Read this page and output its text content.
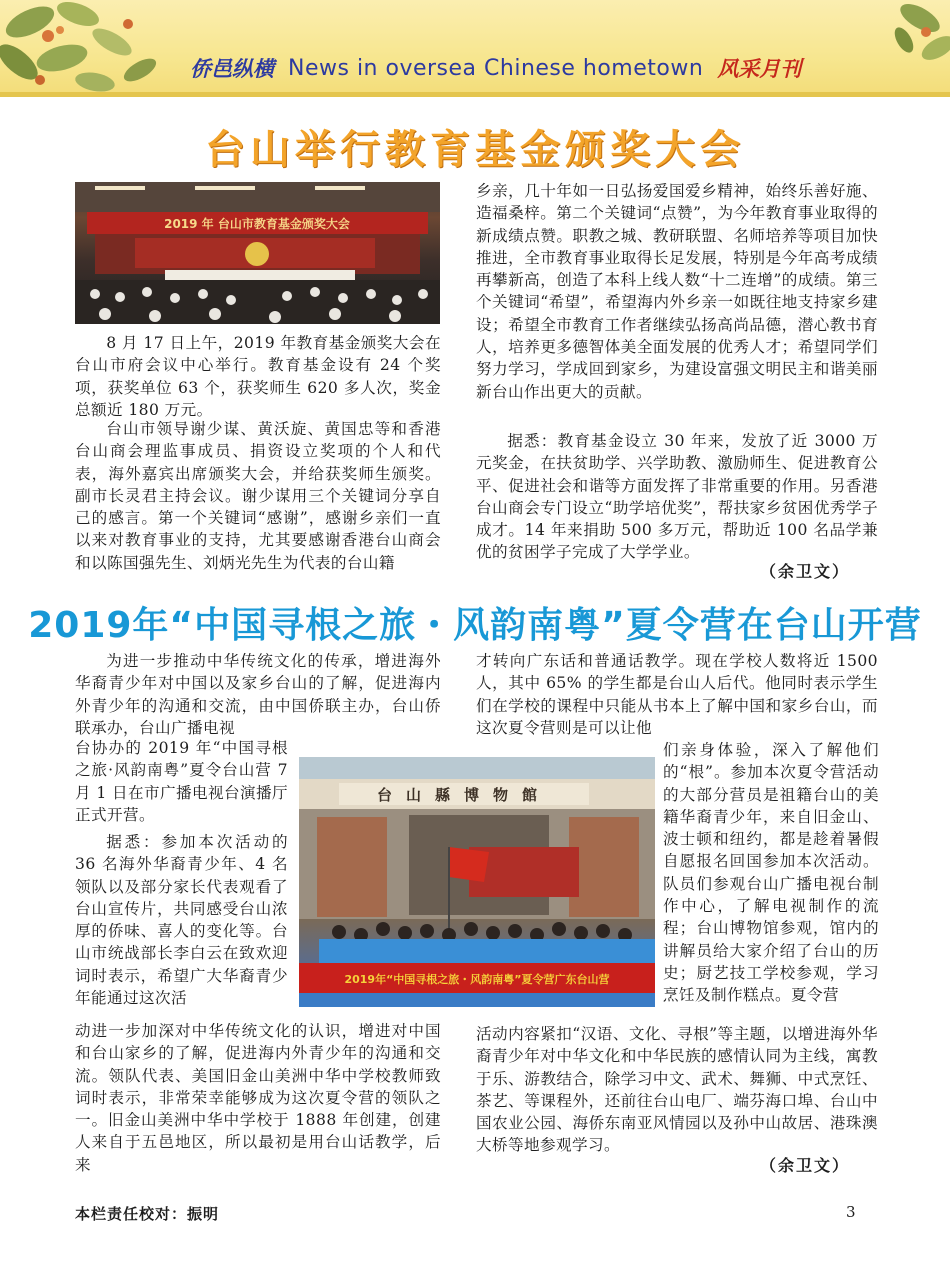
侨邑纵横 News in oversea Chinese hometown 风采月刊
台山举行教育基金颁奖大会
2019 年 台山市教育基金颁奖大会

8 月 17 日上午，2019 年教育基金颁奖大会在台山市府会议中心举行。教育基金设有 24 个奖项，获奖单位 63 个，获奖师生 620 多人次，奖金总额近 180 万元。

台山市领导谢少谋、黄沃旋、黄国忠等和香港台山商会理监事成员、捐资设立奖项的个人和代表，海外嘉宾出席颁奖大会，并给获奖师生颁奖。副市长灵君主持会议。谢少谋用三个关键词分享自己的感言。第一个关键词“感谢”，感谢乡亲们一直以来对教育事业的支持，尤其要感谢香港台山商会和以陈国强先生、刘炳光先生为代表的台山籍

乡亲，几十年如一日弘扬爱国爱乡精神，始终乐善好施、造福桑梓。第二个关键词“点赞”，为今年教育事业取得的新成绩点赞。职教之城、教研联盟、名师培养等项目加快推进，全市教育事业取得长足发展，特别是今年高考成绩再攀新高，创造了本科上线人数“十二连增”的成绩。第三个关键词“希望”，希望海内外乡亲一如既往地支持家乡建设；希望全市教育工作者继续弘扬高尚品德，潜心教书育人，培养更多德智体美全面发展的优秀人才；希望同学们努力学习，学成回到家乡，为建设富强文明民主和谐美丽新台山作出更大的贡献。

据悉：教育基金设立 30 年来，发放了近 3000 万元奖金，在扶贫助学、兴学助教、激励师生、促进教育公平、促进社会和谐等方面发挥了非常重要的作用。另香港台山商会专门设立“助学培优奖”，帮扶家乡贫困优秀学子成才。14 年来捐助 500 多万元，帮助近 100 名品学兼优的贫困学子完成了大学学业。

（余卫文）
2019年“中国寻根之旅・风韵南粤”夏令营在台山开营

为进一步推动中华传统文化的传承，增进海外华裔青少年对中国以及家乡台山的了解，促进海内外青少年的沟通和交流，由中国侨联主办，台山侨联承办，台山广播电视

台协办的 2019 年“中国寻根之旅·风韵南粤”夏令台山营 7 月 1 日在市广播电视台演播厅正式开营。

据悉：参加本次活动的 36 名海外华裔青少年、4 名领队以及部分家长代表观看了台山宣传片，共同感受台山浓厚的侨味、喜人的变化等。台山市统战部长李白云在致欢迎词时表示，希望广大华裔青少年能通过这次活

动进一步加深对中华传统文化的认识，增进对中国和台山家乡的了解，促进海内外青少年的沟通和交流。领队代表、美国旧金山美洲中华中学校教师致词时表示，非常荣幸能够成为这次夏令营的领队之一。旧金山美洲中华中学校于 1888 年创建，创建人来自于五邑地区，所以最初是用台山话教学，后来

台山縣博物館
2019年“中国寻根之旅・风韵南粤”夏令营广东台山营

才转向广东话和普通话教学。现在学校人数将近 1500 人，其中 65% 的学生都是台山人后代。他同时表示学生们在学校的课程中只能从书本上了解中国和家乡台山，而这次夏令营则是可以让他

们亲身体验，深入了解他们的“根”。参加本次夏令营活动的大部分营员是祖籍台山的美籍华裔青少年，来自旧金山、波士顿和纽约，都是趁着暑假自愿报名回国参加本次活动。队员们参观台山广播电视台制作中心，了解电视制作的流程；台山博物馆参观，馆内的讲解员给大家介绍了台山的历史；厨艺技工学校参观，学习烹饪及制作糕点。夏令营

活动内容紧扣“汉语、文化、寻根”等主题，以增进海外华裔青少年对中华文化和中华民族的感情认同为主线，寓教于乐、游教结合，除学习中文、武术、舞狮、中式烹饪、茶艺、等课程外，还前往台山电厂、端芬海口埠、台山中国农业公园、海侨东南亚风情园以及孙中山故居、港珠澳大桥等地参观学习。

（余卫文）
本栏责任校对：振明	3
